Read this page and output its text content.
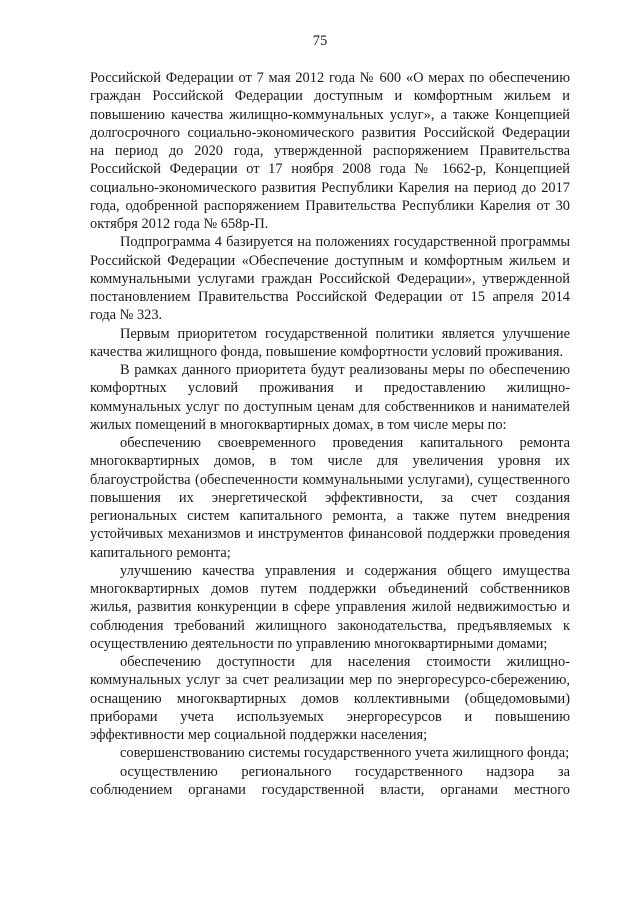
75

Российской Федерации от 7 мая 2012 года № 600 «О мерах по обеспечению граждан Российской Федерации доступным и комфортным жильем и повышению качества жилищно-коммунальных услуг», а также Концепцией долгосрочного социально-экономического развития Российской Федерации на период до 2020 года, утвержденной распоряжением Правительства Российской Федерации от 17 ноября 2008 года № 1662-р, Концепцией социально-экономического развития Республики Карелия на период до 2017 года, одобренной распоряжением Правительства Республики Карелия от 30 октября 2012 года № 658р-П.

Подпрограмма 4 базируется на положениях государственной программы Российской Федерации «Обеспечение доступным и комфортным жильем и коммунальными услугами граждан Российской Федерации», утвержденной постановлением Правительства Российской Федерации от 15 апреля 2014 года № 323.

Первым приоритетом государственной политики является улучшение качества жилищного фонда, повышение комфортности условий проживания.

В рамках данного приоритета будут реализованы меры по обеспечению комфортных условий проживания и предоставлению жилищно-коммунальных услуг по доступным ценам для собственников и нанимателей жилых помещений в многоквартирных домах, в том числе меры по:

обеспечению своевременного проведения капитального ремонта многоквартирных домов, в том числе для увеличения уровня их благоустройства (обеспеченности коммунальными услугами), существенного повышения их энергетической эффективности, за счет создания региональных систем капитального ремонта, а также путем внедрения устойчивых механизмов и инструментов финансовой поддержки проведения капитального ремонта;

улучшению качества управления и содержания общего имущества многоквартирных домов путем поддержки объединений собственников жилья, развития конкуренции в сфере управления жилой недвижимостью и соблюдения требований жилищного законодательства, предъявляемых к осуществлению деятельности по управлению многоквартирными домами;

обеспечению доступности для населения стоимости жилищно-коммунальных услуг за счет реализации мер по энергоресурсо-сбережению, оснащению многоквартирных домов коллективными (общедомовыми) приборами учета используемых энергоресурсов и повышению эффективности мер социальной поддержки населения;

совершенствованию системы государственного учета жилищного фонда;

осуществлению регионального государственного надзора за соблюдением органами государственной власти, органами местного
